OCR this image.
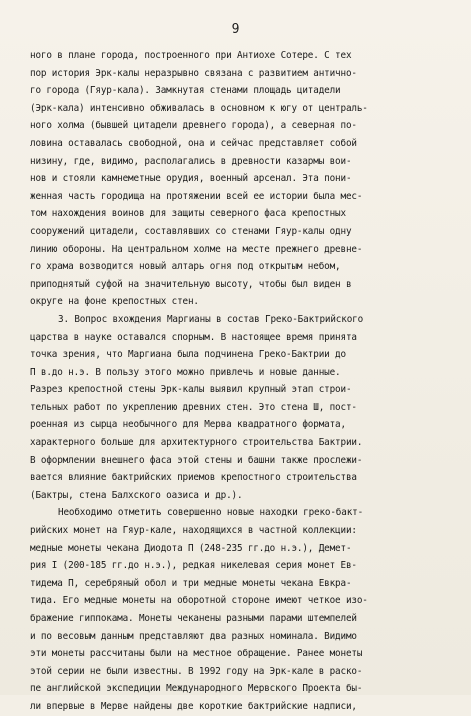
9
ного в плане города, построенного при Антиохе Сотере. С тех
пор история Эрк-калы неразрывно связана с развитием антично-
го города (Гяур-кала). Замкнутая стенами площадь цитадели
(Эрк-кала) интенсивно обживалась в основном к югу от централь-
ного холма (бывшей цитадели древнего города), а северная по-
ловина оставалась свободной, она и сейчас представляет собой
низину, где, видимо, располагались в древности казармы вои-
нов и стояли камнеметные орудия, военный арсенал. Эта пони-
женная часть городища на протяжении всей ее истории была мес-
том нахождения воинов для защиты северного фаса крепостных
сооружений цитадели, составлявших со стенами Гяур-калы одну
линию обороны. На центральном холме на месте прежнего древне-
го храма возводится новый алтарь огня под открытым небом,
приподнятый суфой на значительную высоту, чтобы был виден в
округе на фоне крепостных стен.
3. Вопрос вхождения Маргианы в состав Греко-Бактрийского
царства в науке оставался спорным. В настоящее время принята
точка зрения, что Маргиана была подчинена Греко-Бактрии до
П в.до н.э. В пользу этого можно привлечь и новые данные.
Разрез крепостной стены Эрк-калы выявил крупный этап строи-
тельных работ по укреплению древних стен. Это стена Ш, пост-
роенная из сырца необычного для Мерва квадратного формата,
характерного больше для архитектурного строительства Бактрии.
В оформлении внешнего фаса этой стены и башни также прослежи-
вается влияние бактрийских приемов крепостного строительства
(Бактры, стена Балхского оазиса и др.).
Необходимо отметить совершенно новые находки греко-бакт-
рийских монет на Гяур-кале, находящихся в частной коллекции:
медные монеты чекана Диодота П (248-235 гг.до н.э.), Демет-
рия I (200-185 гг.до н.э.), редкая никелевая серия монет Ев-
тидема П, серебряный обол и три медные монеты чекана Евкра-
тида. Его медные монеты на оборотной стороне имеют четкое изо-
бражение гиппокама. Монеты чеканены разными парами штемпелей
и по весовым данным представляют два разных номинала. Видимо
эти монеты рассчитаны были на местное обращение. Ранее монеты
этой серии не были известны. В 1992 году на Эрк-кале в раско-
пе английской экспедиции Международного Мервского Проекта бы-
ли впервые в Мерве найдены две короткие бактрийские надписи,
